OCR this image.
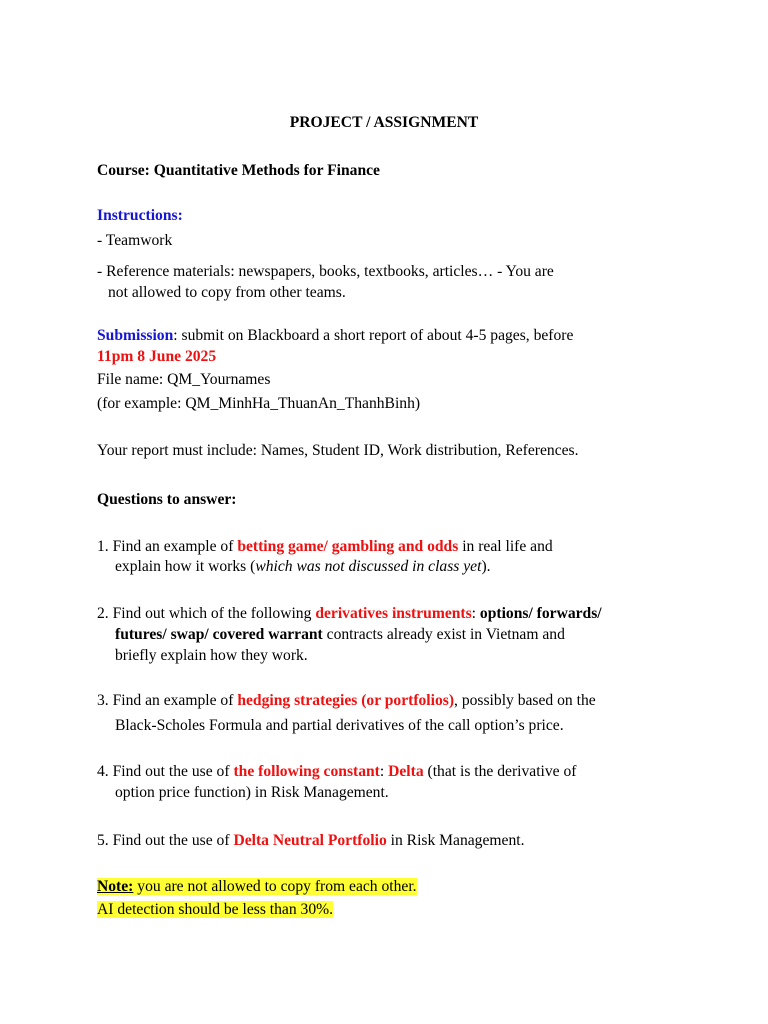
PROJECT / ASSIGNMENT
Course: Quantitative Methods for Finance
Instructions:
- Teamwork
- Reference materials: newspapers, books, textbooks, articles… - You are
not allowed to copy from other teams.
Submission: submit on Blackboard a short report of about 4-5 pages, before
11pm 8 June 2025
File name: QM_Yournames
(for example: QM_MinhHa_ThuanAn_ThanhBinh)
Your report must include: Names, Student ID, Work distribution, References.
Questions to answer:
1. Find an example of betting game/ gambling and odds in real life and
explain how it works (which was not discussed in class yet).
2. Find out which of the following derivatives instruments: options/ forwards/
futures/ swap/ covered warrant contracts already exist in Vietnam and
briefly explain how they work.
3. Find an example of hedging strategies (or portfolios), possibly based on the
Black-Scholes Formula and partial derivatives of the call option’s price.
4. Find out the use of the following constant: Delta (that is the derivative of
option price function) in Risk Management.
5. Find out the use of Delta Neutral Portfolio in Risk Management.
Note: you are not allowed to copy from each other.
AI detection should be less than 30%.
